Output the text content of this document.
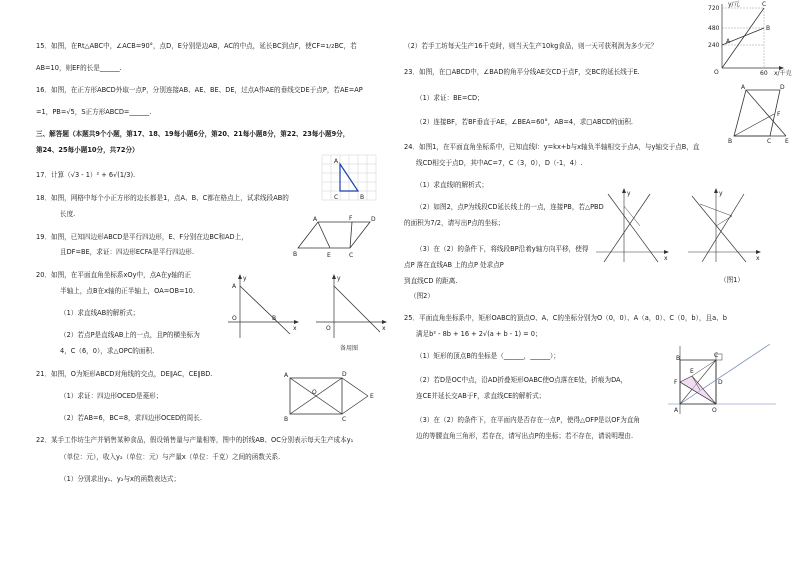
15．如图，在Rt△ABC中，∠ACB=90°，点D，E分别是边AB，AC的中点，延长BC到点F，使CF=1/2BC，若
AB=10，则EF的长是______.
16．如图，在正方形ABCD外取一点P，分别连接AB、AE、BE、DE，过点A作AE的垂线交DE于点P，若AE=AP
=1，PB=√5，S正方形ABCD=______.
三、解答题（本题共9个小题，第17、18、19每小题6分，第20、21每小题8分，第22、23每小题9分，
第24、25每小题10分，共72分）
17．计算（√3 - 1）² + 6√(1/3).
18．如图，网格中每个小正方形的边长都是1，点A、B、C都在格点上，试求线段AB的
长度.
19．如图，已知四边形ABCD是平行四边形，E、F分别在边BC和AD上，
且DF=BE，求证：四边形ECFA是平行四边形.
20．如图，在平面直角坐标系xOy中，点A在y轴的正
半轴上，点B在x轴的正半轴上，OA=OB=10.
（1）求直线AB的解析式；
（2）若点P是直线AB上的一点，且P的横坐标为
4，C（6，0），求△OPC的面积.
21．如图，O为矩形ABCD对角线的交点，DE∥AC，CE∥BD.
（1）求证：四边形OCED是菱形；
（2）若AB=6，BC=8，求四边形OCED的周长.
22．某手工作坊生产并销售某种食品，假设销售量与产量相等，图中的折线AB、OC分别表示每天生产成本y₁
（单位：元），收入y₂（单位：元）与产量x（单位：千克）之间的函数关系.
（1）分别求出y₁、y₂与x的函数表达式；
（2）若手工坊每天生产16千克时，则当天生产10kg食品，则一天可获利润为多少元？
23．如图，在□ABCD中，∠BAD的角平分线AE交CD于点F，交BC的延长线于E.
（1）求证：BE=CD；
（2）连接BF，若BF垂直于AE，∠BEA=60°，AB=4，求□ABCD的面积.
24．如图1，在平面直角坐标系中，已知直线l：y=kx+b与x轴负半轴相交于点A，与y轴交于点B，直
线CD相交于点D，其中AC=7，C（3，0），D（-1，4）.
（1）求直线l的解析式；
（2）如图2，点P为线段CD延长线上的一点，连接PB，若△PBD
的面积为7/2，请写出P点的坐标；
（3）在（2）的条件下，将线段BP沿着y轴方向平移，使得
点P 落在直线AB 上的点P 处求点P
到直线CD 的距离.	（图1）
（图2）
25．平面直角坐标系中，矩形OABC的顶点O、A、C的坐标分别为O（0，0）、A（a，0）、C（0，b），且a、b
满足b² - 8b + 16 + 2√(a + b - 1) = 0；
（1）矩形的顶点B的坐标是（______，______）；
（2）若D是OC中点，沿AD折叠矩形OABC使O点落在E处，折痕为DA，
连CE并延长交AB于F，求直线CE的解析式；
（3）在（2）的条件下，在平面内是否存在一点P，使得△OFP是以OF为直角
边的等腰直角三角形，若存在，请写出点P的坐标；若不存在，请说明理由.
A
C	B
A	F	D
B	E	C
y
A
O	B
x
y
O	x
备用图
A	D
O
E
B	C
y/元
720
480
240
O	60 x/千克
C
B
A
A	D
F
B	C E
y
x
y
x
B	C
D
E
F
O
A
